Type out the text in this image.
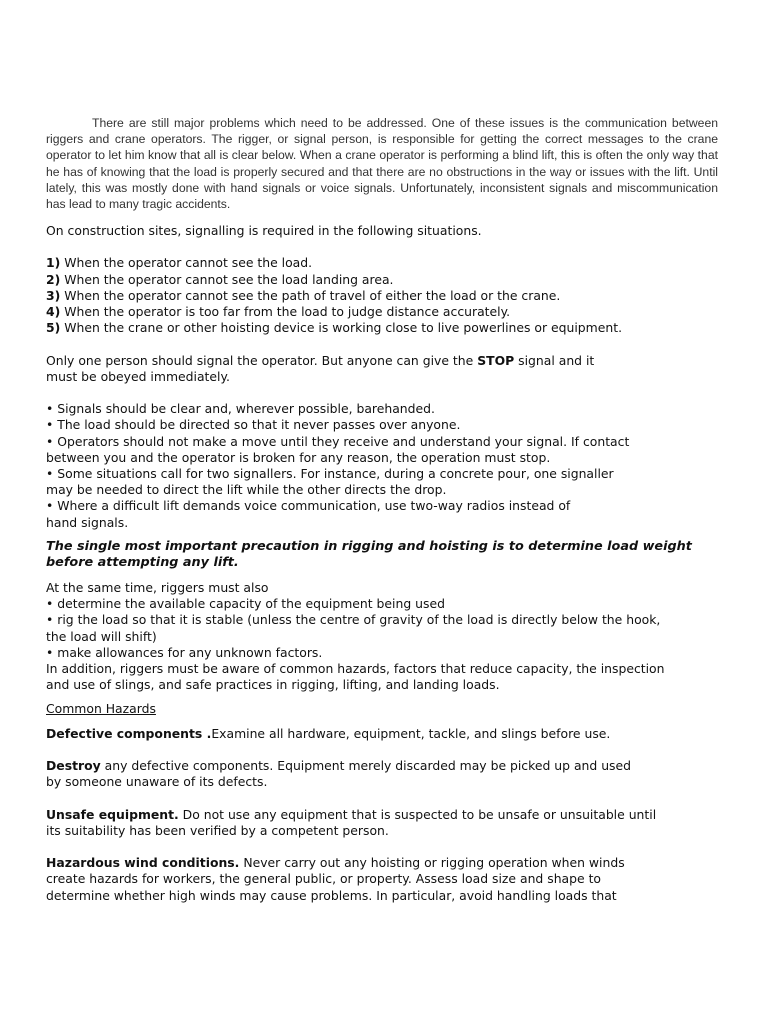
There are still major problems which need to be addressed. One of these issues is the communication between riggers and crane operators. The rigger, or signal person, is responsible for getting the correct messages to the crane operator to let him know that all is clear below. When a crane operator is performing a blind lift, this is often the only way that he has of knowing that the load is properly secured and that there are no obstructions in the way or issues with the lift. Until lately, this was mostly done with hand signals or voice signals. Unfortunately, inconsistent signals and miscommunication has lead to many tragic accidents.

On construction sites, signalling is required in the following situations.

1) When the operator cannot see the load.

2) When the operator cannot see the load landing area.

3) When the operator cannot see the path of travel of either the load or the crane.

4) When the operator is too far from the load to judge distance accurately.

5) When the crane or other hoisting device is working close to live powerlines or equipment.

Only one person should signal the operator. But anyone can give the STOP signal and it

must be obeyed immediately.

• Signals should be clear and, wherever possible, barehanded.

• The load should be directed so that it never passes over anyone.

• Operators should not make a move until they receive and understand your signal. If contact

between you and the operator is broken for any reason, the operation must stop.

• Some situations call for two signallers. For instance, during a concrete pour, one signaller

may be needed to direct the lift while the other directs the drop.

• Where a difficult lift demands voice communication, use two-way radios instead of

hand signals.

The single most important precaution in rigging and hoisting is to determine load weight

before attempting any lift.

At the same time, riggers must also

• determine the available capacity of the equipment being used

• rig the load so that it is stable (unless the centre of gravity of the load is directly below the hook,

the load will shift)

• make allowances for any unknown factors.

In addition, riggers must be aware of common hazards, factors that reduce capacity, the inspection

and use of slings, and safe practices in rigging, lifting, and landing loads.

Common Hazards

Defective components .Examine all hardware, equipment, tackle, and slings before use.

Destroy any defective components. Equipment merely discarded may be picked up and used

by someone unaware of its defects.

Unsafe equipment. Do not use any equipment that is suspected to be unsafe or unsuitable until

its suitability has been verified by a competent person.

Hazardous wind conditions. Never carry out any hoisting or rigging operation when winds

create hazards for workers, the general public, or property. Assess load size and shape to

determine whether high winds may cause problems. In particular, avoid handling loads that
